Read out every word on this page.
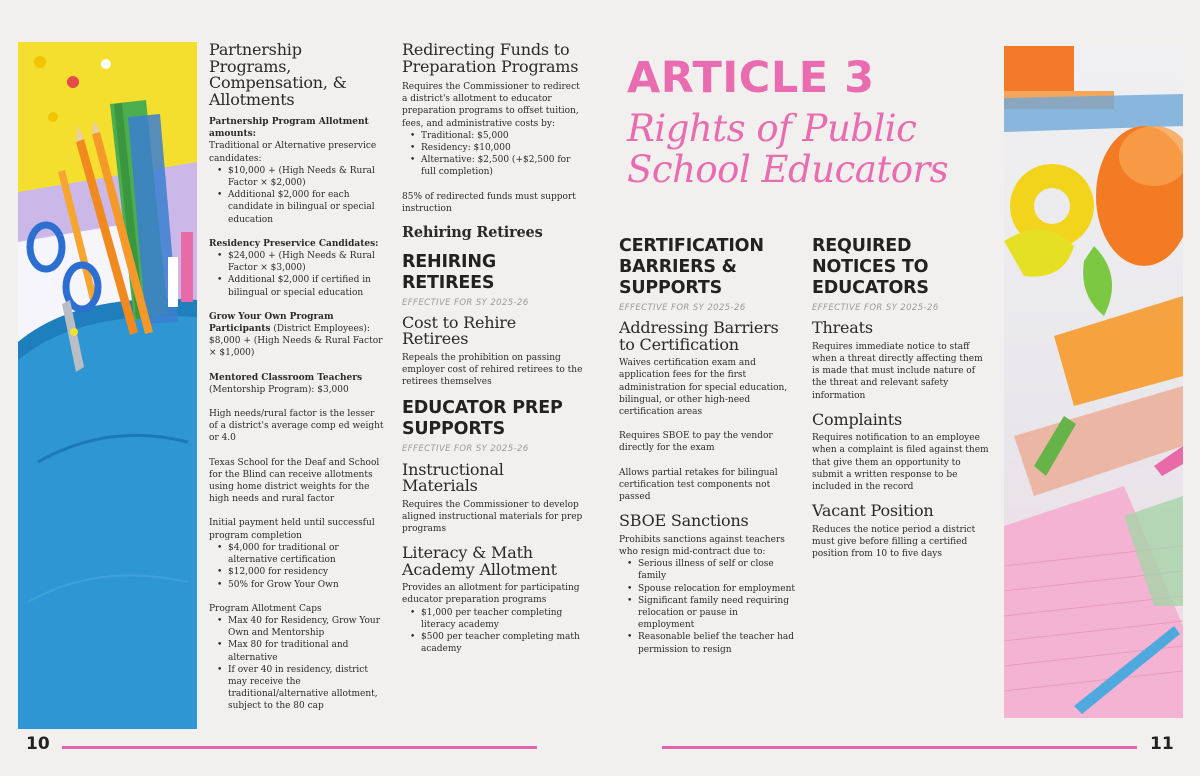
Partnership Programs, Compensation, & Allotments

Partnership Program Allotment amounts:
Traditional or Alternative preservice candidates:

• $10,000 + (High Needs & Rural Factor × $2,000)
• Additional $2,000 for each candidate in bilingual or special education

Residency Preservice Candidates:

• $24,000 + (High Needs & Rural Factor × $3,000)
• Additional $2,000 if certified in bilingual or special education

Grow Your Own Program Participants (District Employees): $8,000 + (High Needs & Rural Factor × $1,000)

Mentored Classroom Teachers
(Mentorship Program): $3,000

High needs/rural factor is the lesser of a district's average comp ed weight or 4.0

Texas School for the Deaf and School for the Blind can receive allotments using home district weights for the high needs and rural factor

Initial payment held until successful program completion

• $4,000 for traditional or alternative certification
• $12,000 for residency
• 50% for Grow Your Own

Program Allotment Caps

• Max 40 for Residency, Grow Your Own and Mentorship
• Max 80 for traditional and alternative
• If over 40 in residency, district may receive the traditional/alternative allotment, subject to the 80 cap
Redirecting Funds to Preparation Programs

Requires the Commissioner to redirect a district's allotment to educator preparation programs to offset tuition, fees, and administrative costs by:

• Traditional: $5,000
• Residency: $10,000
• Alternative: $2,500 (+$2,500 for full completion)

85% of redirected funds must support instruction

Rehiring Retirees
REHIRING RETIREES
EFFECTIVE FOR SY 2025-26
Cost to Rehire Retirees

Repeals the prohibition on passing employer cost of rehired retirees to the retirees themselves

EDUCATOR PREP SUPPORTS
EFFECTIVE FOR SY 2025-26
Instructional Materials

Requires the Commissioner to develop aligned instructional materials for prep programs

Literacy & Math Academy Allotment

Provides an allotment for participating educator preparation programs

• $1,000 per teacher completing literacy academy
• $500 per teacher completing math academy
10
ARTICLE 3
Rights of Public School Educators
CERTIFICATION BARRIERS & SUPPORTS
EFFECTIVE FOR SY 2025-26
Addressing Barriers to Certification

Waives certification exam and application fees for the first administration for special education, bilingual, or other high-need certification areas

Requires SBOE to pay the vendor directly for the exam

Allows partial retakes for bilingual certification test components not passed

SBOE Sanctions

Prohibits sanctions against teachers who resign mid-contract due to:

• Serious illness of self or close family
• Spouse relocation for employment
• Significant family need requiring relocation or pause in employment
• Reasonable belief the teacher had permission to resign
REQUIRED NOTICES TO EDUCATORS
EFFECTIVE FOR SY 2025-26
Threats

Requires immediate notice to staff when a threat directly affecting them is made that must include nature of the threat and relevant safety information

Complaints

Requires notification to an employee when a complaint is filed against them that give them an opportunity to submit a written response to be included in the record

Vacant Position

Reduces the notice period a district must give before filling a certified position from 10 to five days

11
